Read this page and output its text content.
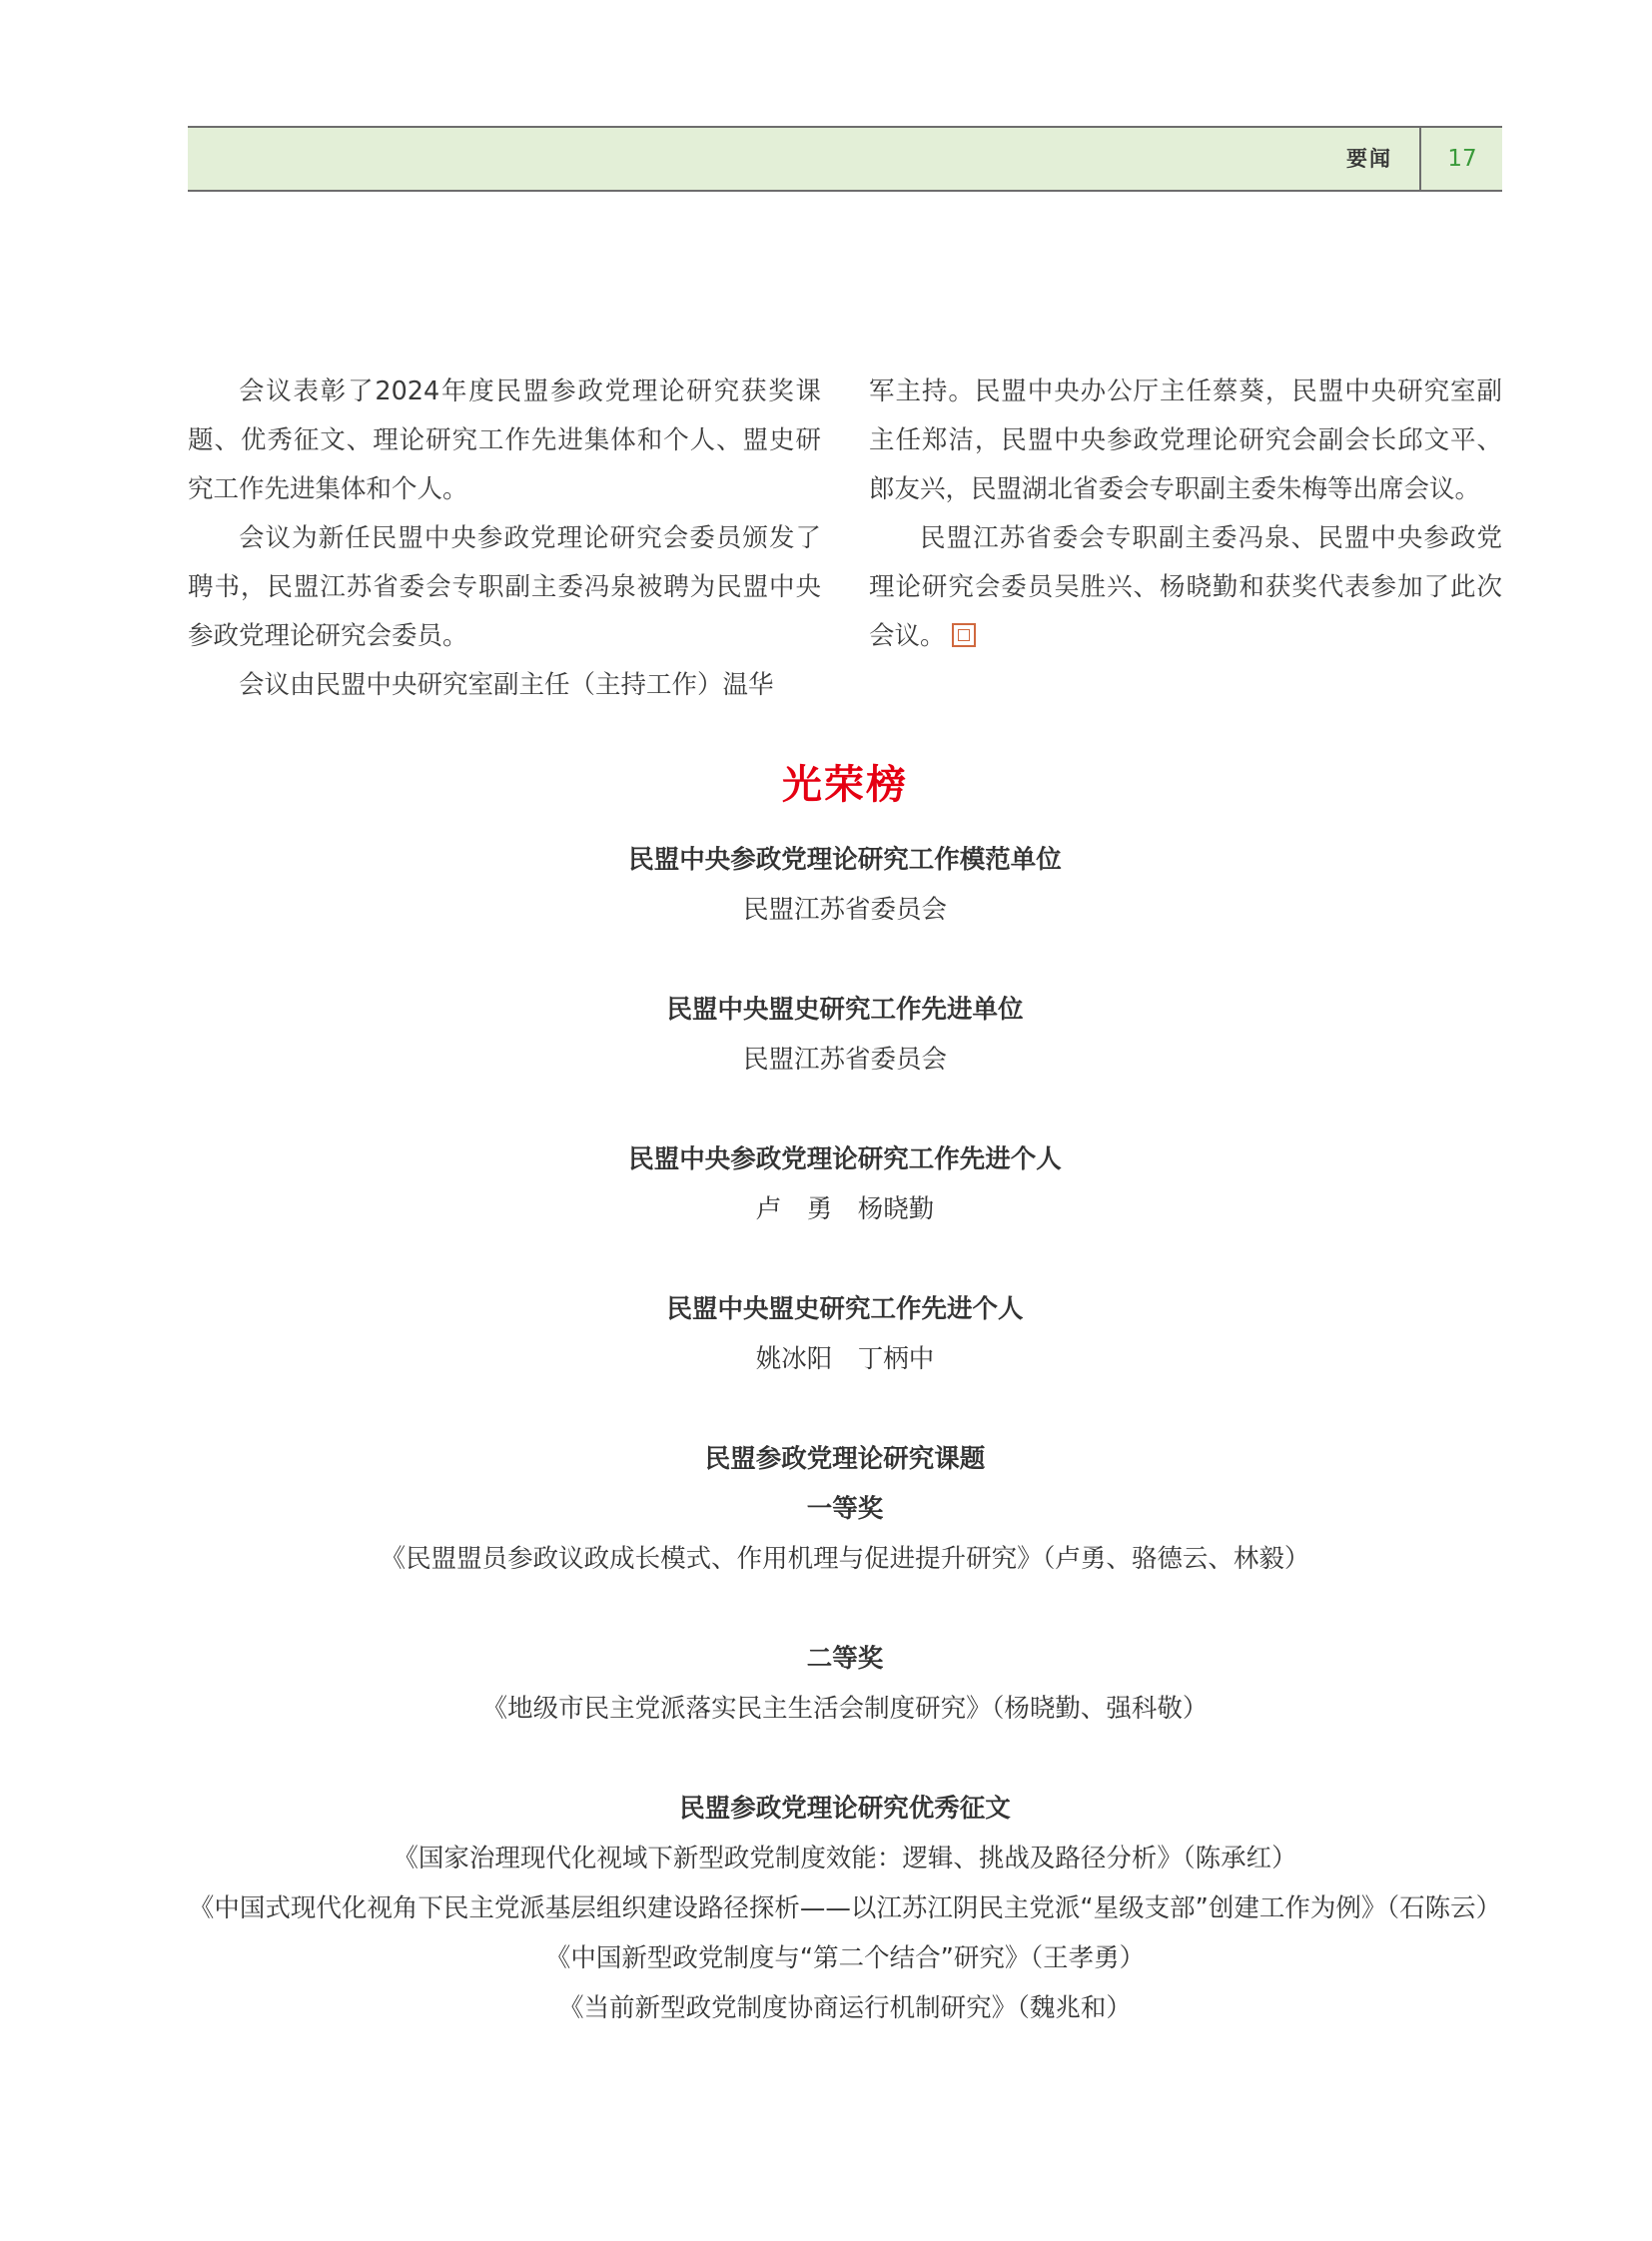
要闻	17

会议表彰了2024年度民盟参政党理论研究获奖课题、优秀征文、理论研究工作先进集体和个人、盟史研究工作先进集体和个人。

会议为新任民盟中央参政党理论研究会委员颁发了聘书，民盟江苏省委会专职副主委冯泉被聘为民盟中央参政党理论研究会委员。

会议由民盟中央研究室副主任（主持工作）温华

军主持。民盟中央办公厅主任蔡葵，民盟中央研究室副主任郑洁，民盟中央参政党理论研究会副会长邱文平、郎友兴，民盟湖北省委会专职副主委朱梅等出席会议。

民盟江苏省委会专职副主委冯泉、民盟中央参政党理论研究会委员吴胜兴、杨晓勤和获奖代表参加了此次会议。

光荣榜
民盟中央参政党理论研究工作模范单位
民盟江苏省委员会
民盟中央盟史研究工作先进单位
民盟江苏省委员会
民盟中央参政党理论研究工作先进个人
卢　勇　杨晓勤
民盟中央盟史研究工作先进个人
姚冰阳　丁柄中
民盟参政党理论研究课题
一等奖
《民盟盟员参政议政成长模式、作用机理与促进提升研究》（卢勇、骆德云、林毅）
二等奖
《地级市民主党派落实民主生活会制度研究》（杨晓勤、强科敬）
民盟参政党理论研究优秀征文
《国家治理现代化视域下新型政党制度效能：逻辑、挑战及路径分析》（陈承红）
《中国式现代化视角下民主党派基层组织建设路径探析——以江苏江阴民主党派“星级支部”创建工作为例》（石陈云）
《中国新型政党制度与“第二个结合”研究》（王孝勇）
《当前新型政党制度协商运行机制研究》（魏兆和）
